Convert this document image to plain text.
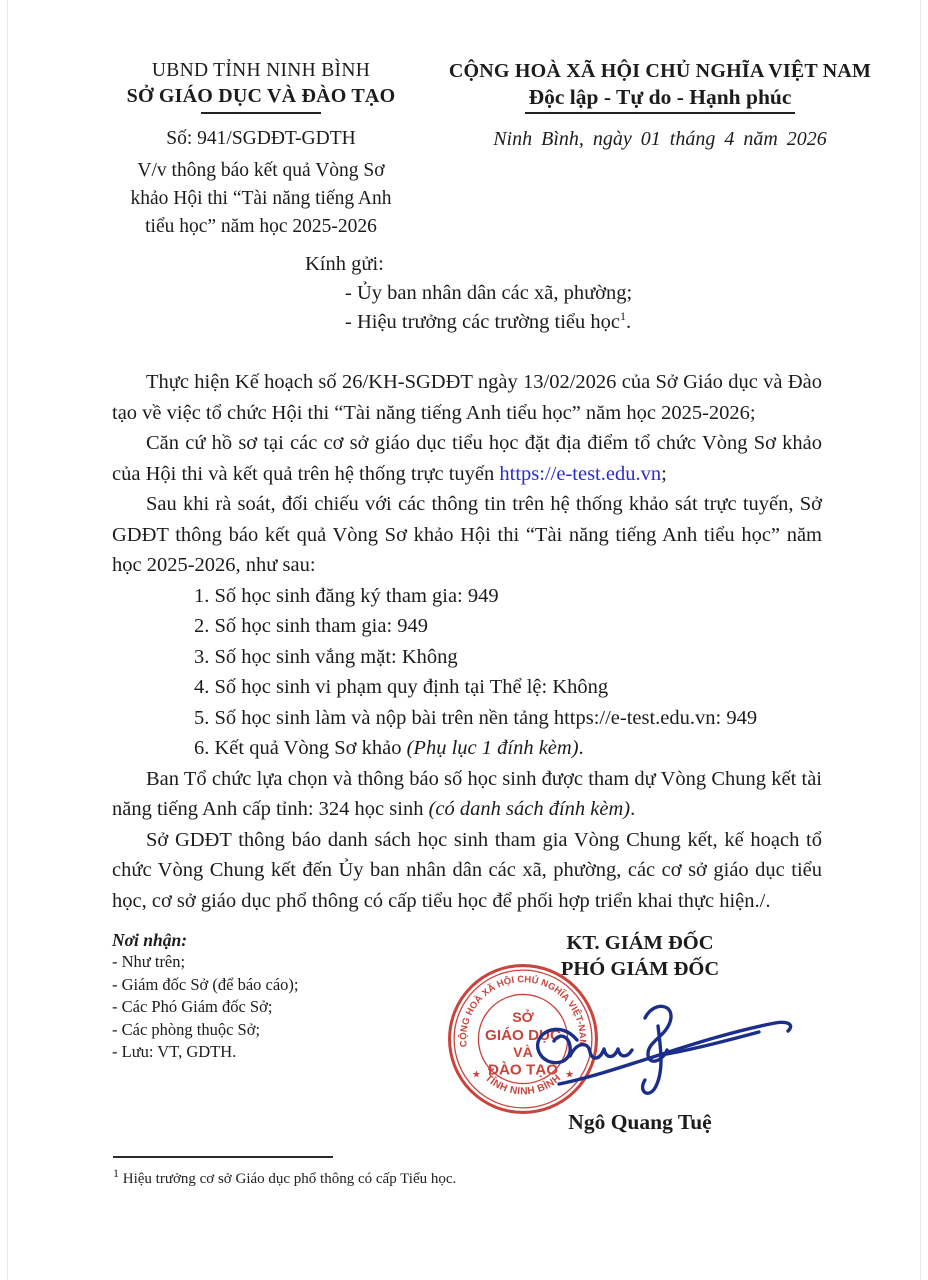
UBND TỈNH NINH BÌNH
SỞ GIÁO DỤC VÀ ĐÀO TẠO
Số: 941/SGDĐT-GDTH
V/v thông báo kết quả Vòng Sơ
khảo Hội thi “Tài năng tiếng Anh
tiểu học” năm học 2025-2026
CỘNG HOÀ XÃ HỘI CHỦ NGHĨA VIỆT NAM
Độc lập - Tự do - Hạnh phúc
Ninh Bình, ngày 01 tháng 4 năm 2026
Kính gửi:
- Ủy ban nhân dân các xã, phường;
- Hiệu trưởng các trường tiểu học$^1$.

Thực hiện Kế hoạch số 26/KH-SGDĐT ngày 13/02/2026 của Sở Giáo dục và Đào tạo về việc tổ chức Hội thi “Tài năng tiếng Anh tiểu học” năm học 2025-2026;

Căn cứ hồ sơ tại các cơ sở giáo dục tiểu học đặt địa điểm tổ chức Vòng Sơ khảo của Hội thi và kết quả trên hệ thống trực tuyến https://e-test.edu.vn;

Sau khi rà soát, đối chiếu với các thông tin trên hệ thống khảo sát trực tuyến, Sở GDĐT thông báo kết quả Vòng Sơ khảo Hội thi “Tài năng tiếng Anh tiểu học” năm học 2025-2026, như sau:

1. Số học sinh đăng ký tham gia: 949

2. Số học sinh tham gia: 949

3. Số học sinh vắng mặt: Không

4. Số học sinh vi phạm quy định tại Thể lệ: Không

5. Số học sinh làm và nộp bài trên nền tảng https://e-test.edu.vn: 949

6. Kết quả Vòng Sơ khảo (Phụ lục 1 đính kèm).

Ban Tổ chức lựa chọn và thông báo số học sinh được tham dự Vòng Chung kết tài năng tiếng Anh cấp tỉnh: 324 học sinh (có danh sách đính kèm).

Sở GDĐT thông báo danh sách học sinh tham gia Vòng Chung kết, kế hoạch tổ chức Vòng Chung kết đến Ủy ban nhân dân các xã, phường, các cơ sở giáo dục tiểu học, cơ sở giáo dục phổ thông có cấp tiểu học để phối hợp triển khai thực hiện./.

Nơi nhận:
- Như trên;
- Giám đốc Sở (để báo cáo);
- Các Phó Giám đốc Sở;
- Các phòng thuộc Sở;
- Lưu: VT, GDTH.
KT. GIÁM ĐỐC
PHÓ GIÁM ĐỐC
CỘNG HOÀ XÃ HỘI CHỦ NGHĨA VIỆT-NAM
TỈNH NINH BÌNH
★	★
SỞ
GIÁO DỤC
VÀ
ĐÀO TẠO
Ngô Quang Tuệ
$^1$ Hiệu trưởng cơ sở Giáo dục phổ thông có cấp Tiểu học.
